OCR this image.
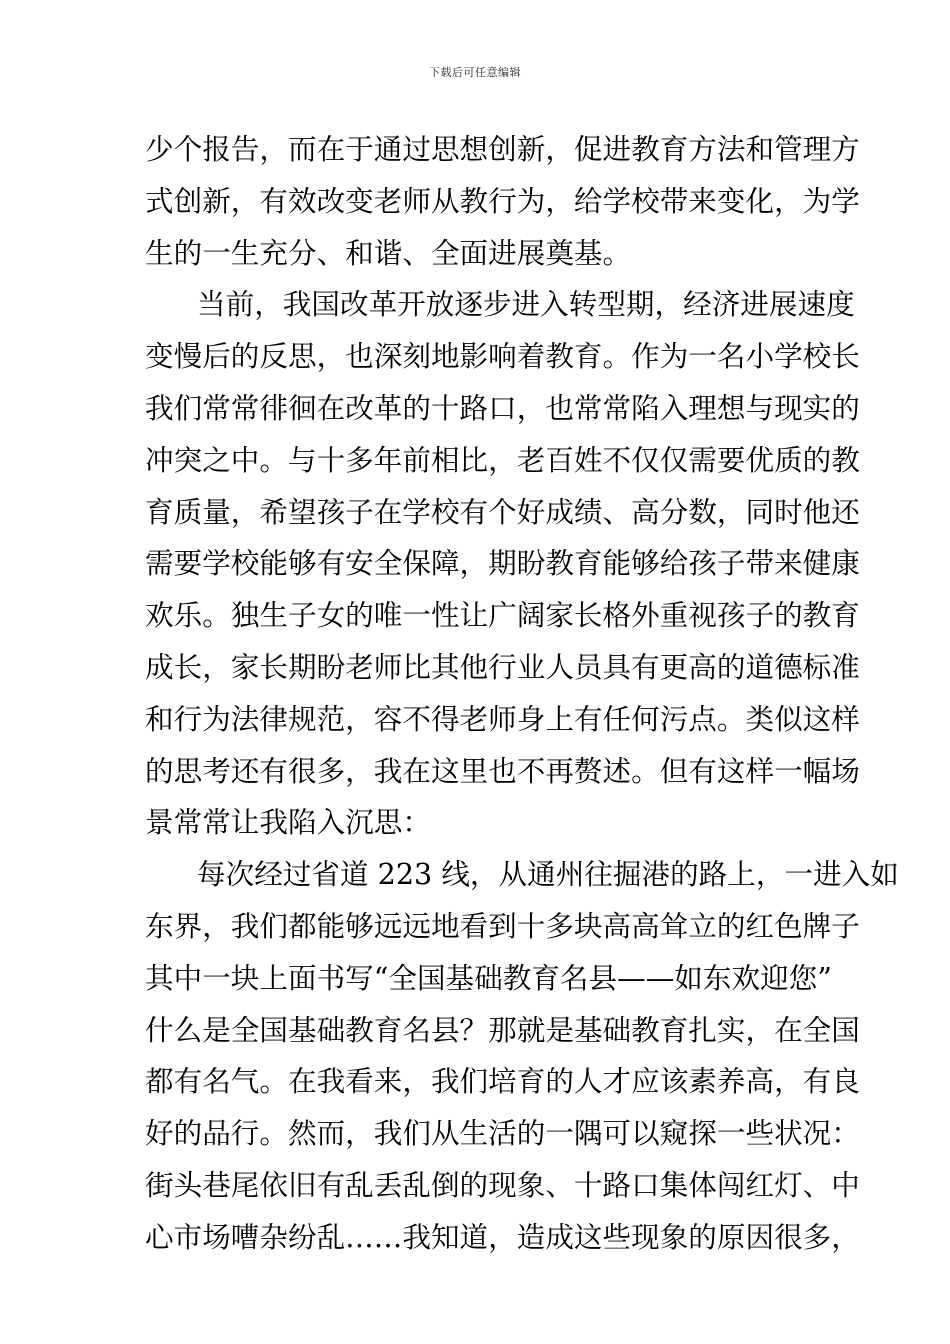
下载后可任意编辑
少个报告，而在于通过思想创新，促进教育方法和管理方
式创新，有效改变老师从教行为，给学校带来变化，为学
生的一生充分、和谐、全面进展奠基。
当前，我国改革开放逐步进入转型期，经济进展速度
变慢后的反思，也深刻地影响着教育。作为一名小学校长
我们常常徘徊在改革的十路口，也常常陷入理想与现实的
冲突之中。与十多年前相比，老百姓不仅仅需要优质的教
育质量，希望孩子在学校有个好成绩、高分数，同时他还
需要学校能够有安全保障，期盼教育能够给孩子带来健康
欢乐。独生子女的唯一性让广阔家长格外重视孩子的教育
成长，家长期盼老师比其他行业人员具有更高的道德标准
和行为法律规范，容不得老师身上有任何污点。类似这样
的思考还有很多，我在这里也不再赘述。但有这样一幅场
景常常让我陷入沉思：
每次经过省道 223 线，从通州往掘港的路上，一进入如
东界，我们都能够远远地看到十多块高高耸立的红色牌子
其中一块上面书写“全国基础教育名县——如东欢迎您”
什么是全国基础教育名县？那就是基础教育扎实，在全国
都有名气。在我看来，我们培育的人才应该素养高，有良
好的品行。然而，我们从生活的一隅可以窥探一些状况：
街头巷尾依旧有乱丢乱倒的现象、十路口集体闯红灯、中
心市场嘈杂纷乱……我知道，造成这些现象的原因很多，
